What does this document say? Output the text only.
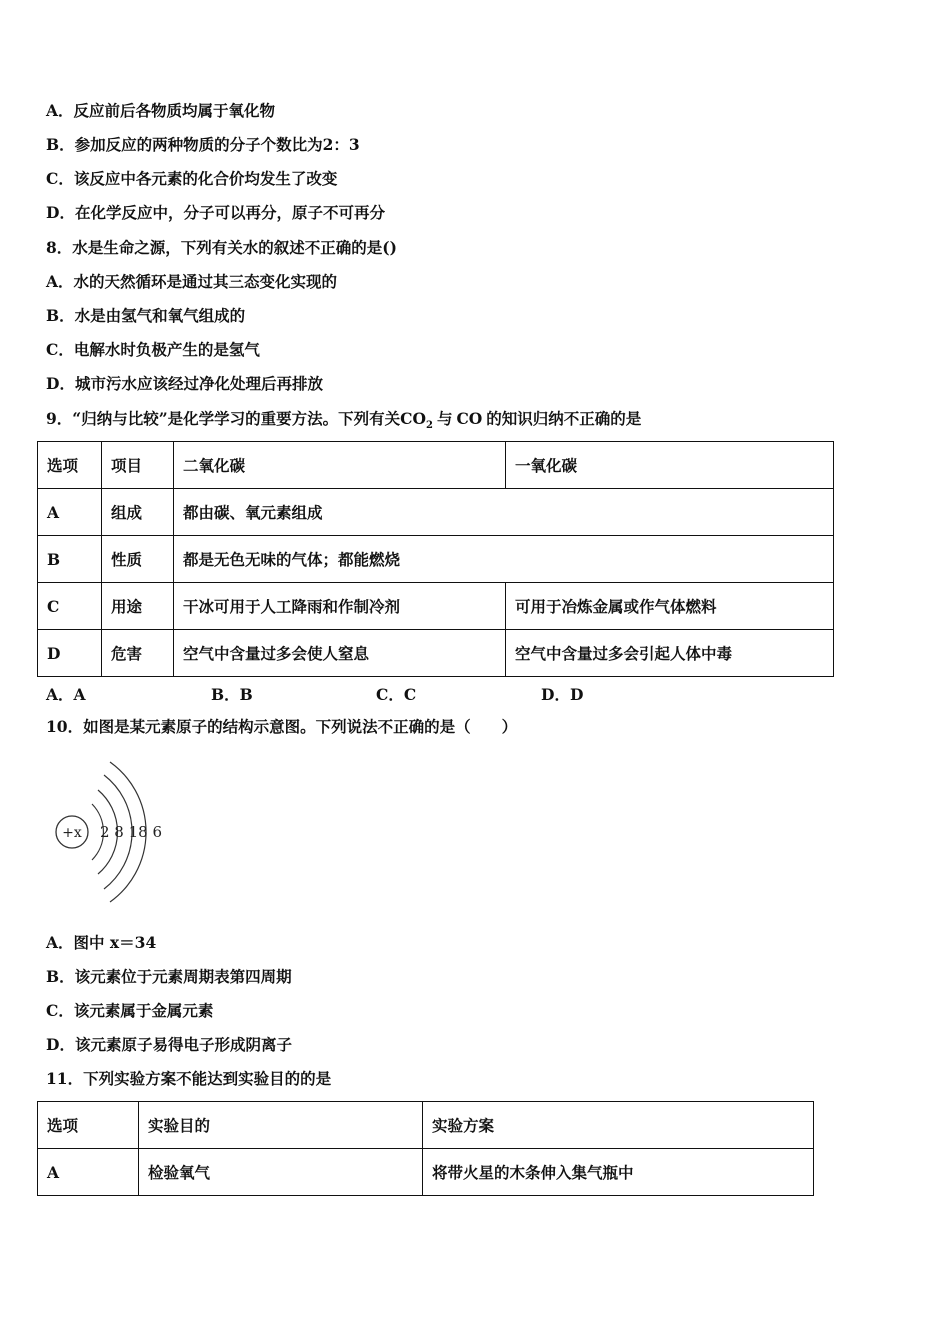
A．反应前后各物质均属于氧化物
B．参加反应的两种物质的分子个数比为2：3
C．该反应中各元素的化合价均发生了改变
D．在化学反应中，分子可以再分，原子不可再分
8．水是生命之源，下列有关水的叙述不正确的是()
A．水的天然循环是通过其三态变化实现的
B．水是由氢气和氧气组成的
C．电解水时负极产生的是氢气
D．城市污水应该经过净化处理后再排放
9．“归纳与比较”是化学学习的重要方法。下列有关$CO_2$ 与 CO 的知识归纳不正确的是
选项	项目	二氧化碳	一氧化碳
A	组成	都由碳、氧元素组成	
B	性质	都是无色无味的气体；都能燃烧	
C	用途	干冰可用于人工降雨和作制冷剂	可用于冶炼金属或作气体燃料
D	危害	空气中含量过多会使人窒息	空气中含量过多会引起人体中毒
A．A	B．B	C．C	D．D
10．如图是某元素原子的结构示意图。下列说法不正确的是（　　）
+x 2 8 18 6
A．图中 x＝34
B．该元素位于元素周期表第四周期
C．该元素属于金属元素
D．该元素原子易得电子形成阴离子
11．下列实验方案不能达到实验目的的是
选项	实验目的	实验方案
A	检验氧气	将带火星的木条伸入集气瓶中
